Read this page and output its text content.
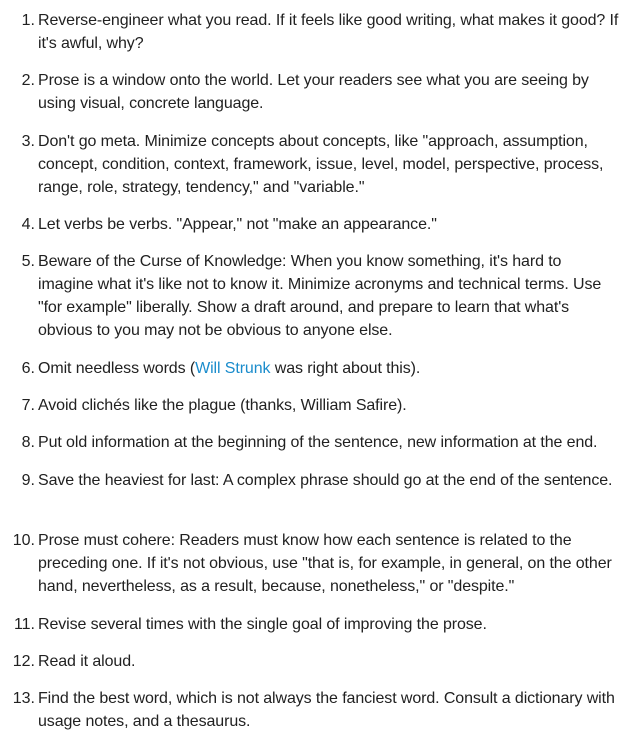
1. Reverse-engineer what you read. If it feels like good writing, what makes it good? If it's awful, why?
2. Prose is a window onto the world. Let your readers see what you are seeing by using visual, concrete language.
3. Don't go meta. Minimize concepts about concepts, like "approach, assumption, concept, condition, context, framework, issue, level, model, perspective, process, range, role, strategy, tendency," and "variable."
4. Let verbs be verbs. "Appear," not "make an appearance."
5. Beware of the Curse of Knowledge: When you know something, it's hard to imagine what it's like not to know it. Minimize acronyms and technical terms. Use "for example" liberally. Show a draft around, and prepare to learn that what's obvious to you may not be obvious to anyone else.
6. Omit needless words (Will Strunk was right about this).
7. Avoid clichés like the plague (thanks, William Safire).
8. Put old information at the beginning of the sentence, new information at the end.
9. Save the heaviest for last: A complex phrase should go at the end of the sentence.
10. Prose must cohere: Readers must know how each sentence is related to the preceding one. If it's not obvious, use "that is, for example, in general, on the other hand, nevertheless, as a result, because, nonetheless," or "despite."
11. Revise several times with the single goal of improving the prose.
12. Read it aloud.
13. Find the best word, which is not always the fanciest word. Consult a dictionary with usage notes, and a thesaurus.
